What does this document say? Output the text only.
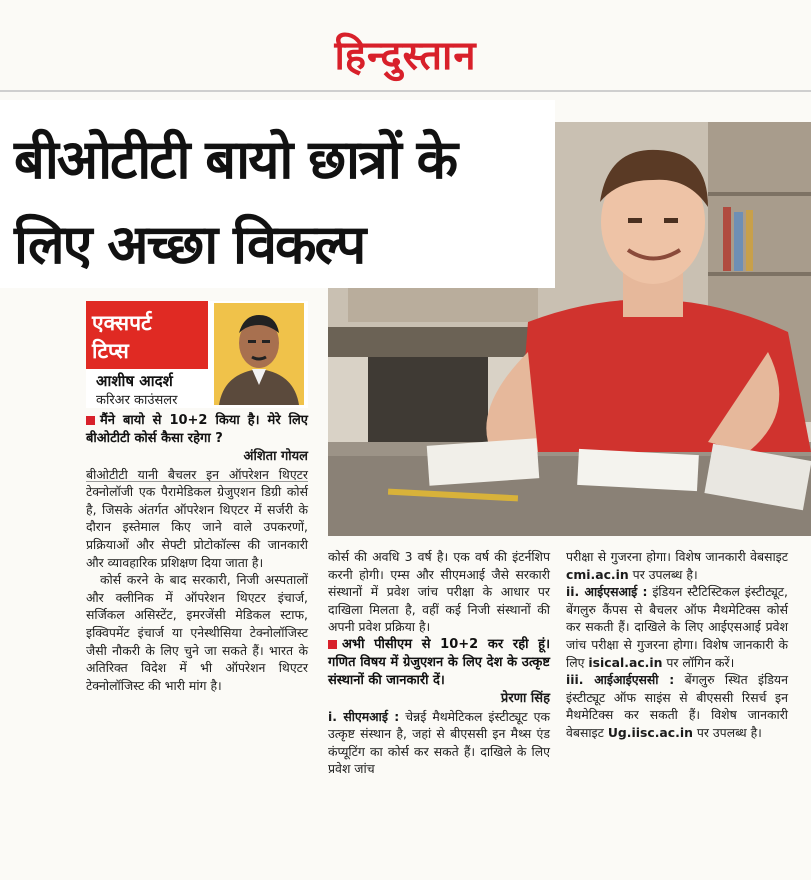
हिन्दुस्तान
बीओटीटी बायो छात्रों के
लिए अच्छा विकल्प
एक्सपर्ट
टिप्स
आशीष आदर्श
करिअर काउंसलर

मैंने बायो से 10+2 किया है। मेरे लिए बीओटीटी कोर्स कैसा रहेगा ?

अंशिता गोयल

बीओटीटी यानी बैचलर इन ऑपरेशन थिएटर टेक्नोलॉजी एक पैरामेडिकल ग्रेजुएशन डिग्री कोर्स है, जिसके अंतर्गत ऑपरेशन थिएटर में सर्जरी के दौरान इस्तेमाल किए जाने वाले उपकरणों, प्रक्रियाओं और सेफ्टी प्रोटोकॉल्स की जानकारी और व्यावहारिक प्रशिक्षण दिया जाता है।

कोर्स करने के बाद सरकारी, निजी अस्पतालों और क्लीनिक में ऑपरेशन थिएटर इंचार्ज, सर्जिकल असिस्टेंट, इमरजेंसी मेडिकल स्टाफ, इक्विपमेंट इंचार्ज या एनेस्थीसिया टेक्नोलॉजिस्ट जैसी नौकरी के लिए चुने जा सकते हैं। भारत के अतिरिक्त विदेश में भी ऑपरेशन थिएटर टेक्नोलॉजिस्ट की भारी मांग है।

कोर्स की अवधि 3 वर्ष है। एक वर्ष की इंटर्नशिप करनी होगी। एम्स और सीएमआई जैसे सरकारी संस्थानों में प्रवेश जांच परीक्षा के आधार पर दाखिला मिलता है, वहीं कई निजी संस्थानों की अपनी प्रवेश प्रक्रिया है।

अभी पीसीएम से 10+2 कर रही हूं। गणित विषय में ग्रेजुएशन के लिए देश के उत्कृष्ट संस्थानों की जानकारी दें।

प्रेरणा सिंह

i. सीएमआई : चेन्नई मैथमेटिकल इंस्टीट्यूट एक उत्कृष्ट संस्थान है, जहां से बीएससी इन मैथ्स एंड कंप्यूटिंग का कोर्स कर सकते हैं। दाखिले के लिए प्रवेश जांच

परीक्षा से गुजरना होगा। विशेष जानकारी वेबसाइट cmi.ac.in पर उपलब्ध है।

ii. आईएसआई : इंडियन स्टैटिस्टिकल इंस्टीट्यूट, बेंगलुरु कैंपस से बैचलर ऑफ मैथमेटिक्स कोर्स कर सकती हैं। दाखिले के लिए आईएसआई प्रवेश जांच परीक्षा से गुजरना होगा। विशेष जानकारी के लिए isical.ac.in पर लॉगिन करें।

iii. आईआईएससी : बेंगलुरु स्थित इंडियन इंस्टीट्यूट ऑफ साइंस से बीएससी रिसर्च इन मैथमेटिक्स कर सकती हैं। विशेष जानकारी वेबसाइट Ug.iisc.ac.in पर उपलब्ध है।
